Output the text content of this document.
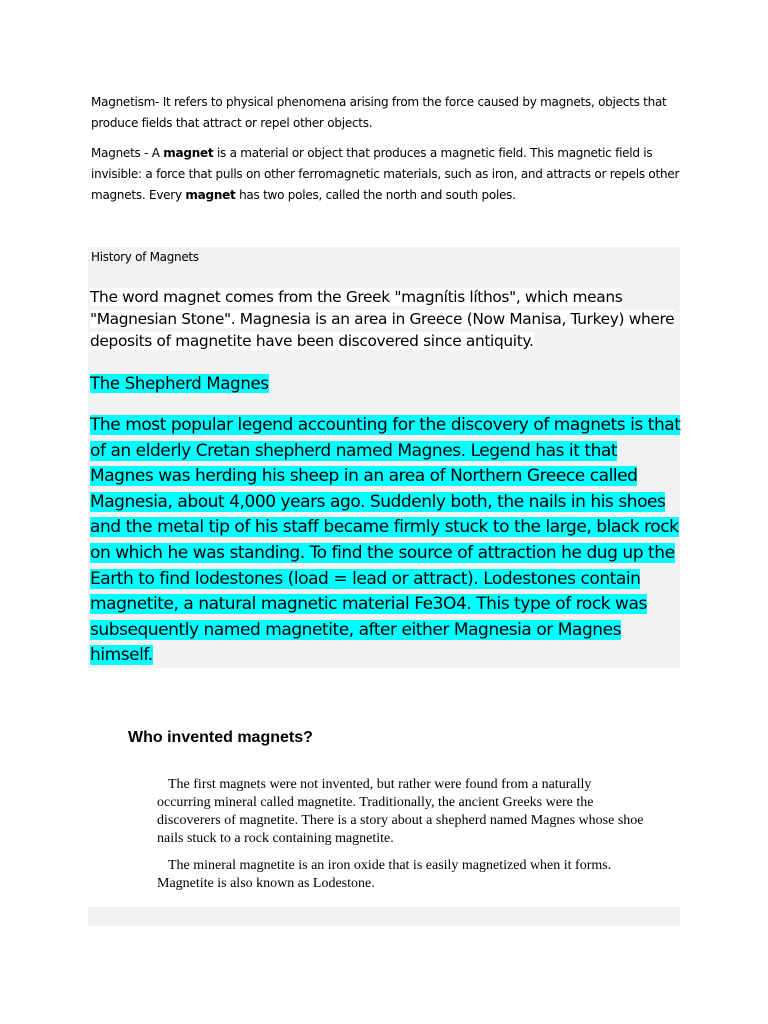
Magnetism- It refers to physical phenomena arising from the force caused by magnets, objects that produce fields that attract or repel other objects.

Magnets - A magnet is a material or object that produces a magnetic field. This magnetic field is invisible: a force that pulls on other ferromagnetic materials, such as iron, and attracts or repels other magnets. Every magnet has two poles, called the north and south poles.

History of Magnets

The word magnet comes from the Greek "magnítis líthos", which means "Magnesian Stone". Magnesia is an area in Greece (Now Manisa, Turkey) where deposits of magnetite have been discovered since antiquity.

The Shepherd Magnes

The most popular legend accounting for the discovery of magnets is that of an elderly Cretan shepherd named Magnes. Legend has it that Magnes was herding his sheep in an area of Northern Greece called Magnesia, about 4,000 years ago. Suddenly both, the nails in his shoes and the metal tip of his staff became firmly stuck to the large, black rock on which he was standing. To find the source of attraction he dug up the Earth to find lodestones (load = lead or attract). Lodestones contain magnetite, a natural magnetic material Fe3O4. This type of rock was subsequently named magnetite, after either Magnesia or Magnes himself.

Who invented magnets?

The first magnets were not invented, but rather were found from a naturally occurring mineral called magnetite. Traditionally, the ancient Greeks were the discoverers of magnetite. There is a story about a shepherd named Magnes whose shoe nails stuck to a rock containing magnetite.

The mineral magnetite is an iron oxide that is easily magnetized when it forms. Magnetite is also known as Lodestone.
